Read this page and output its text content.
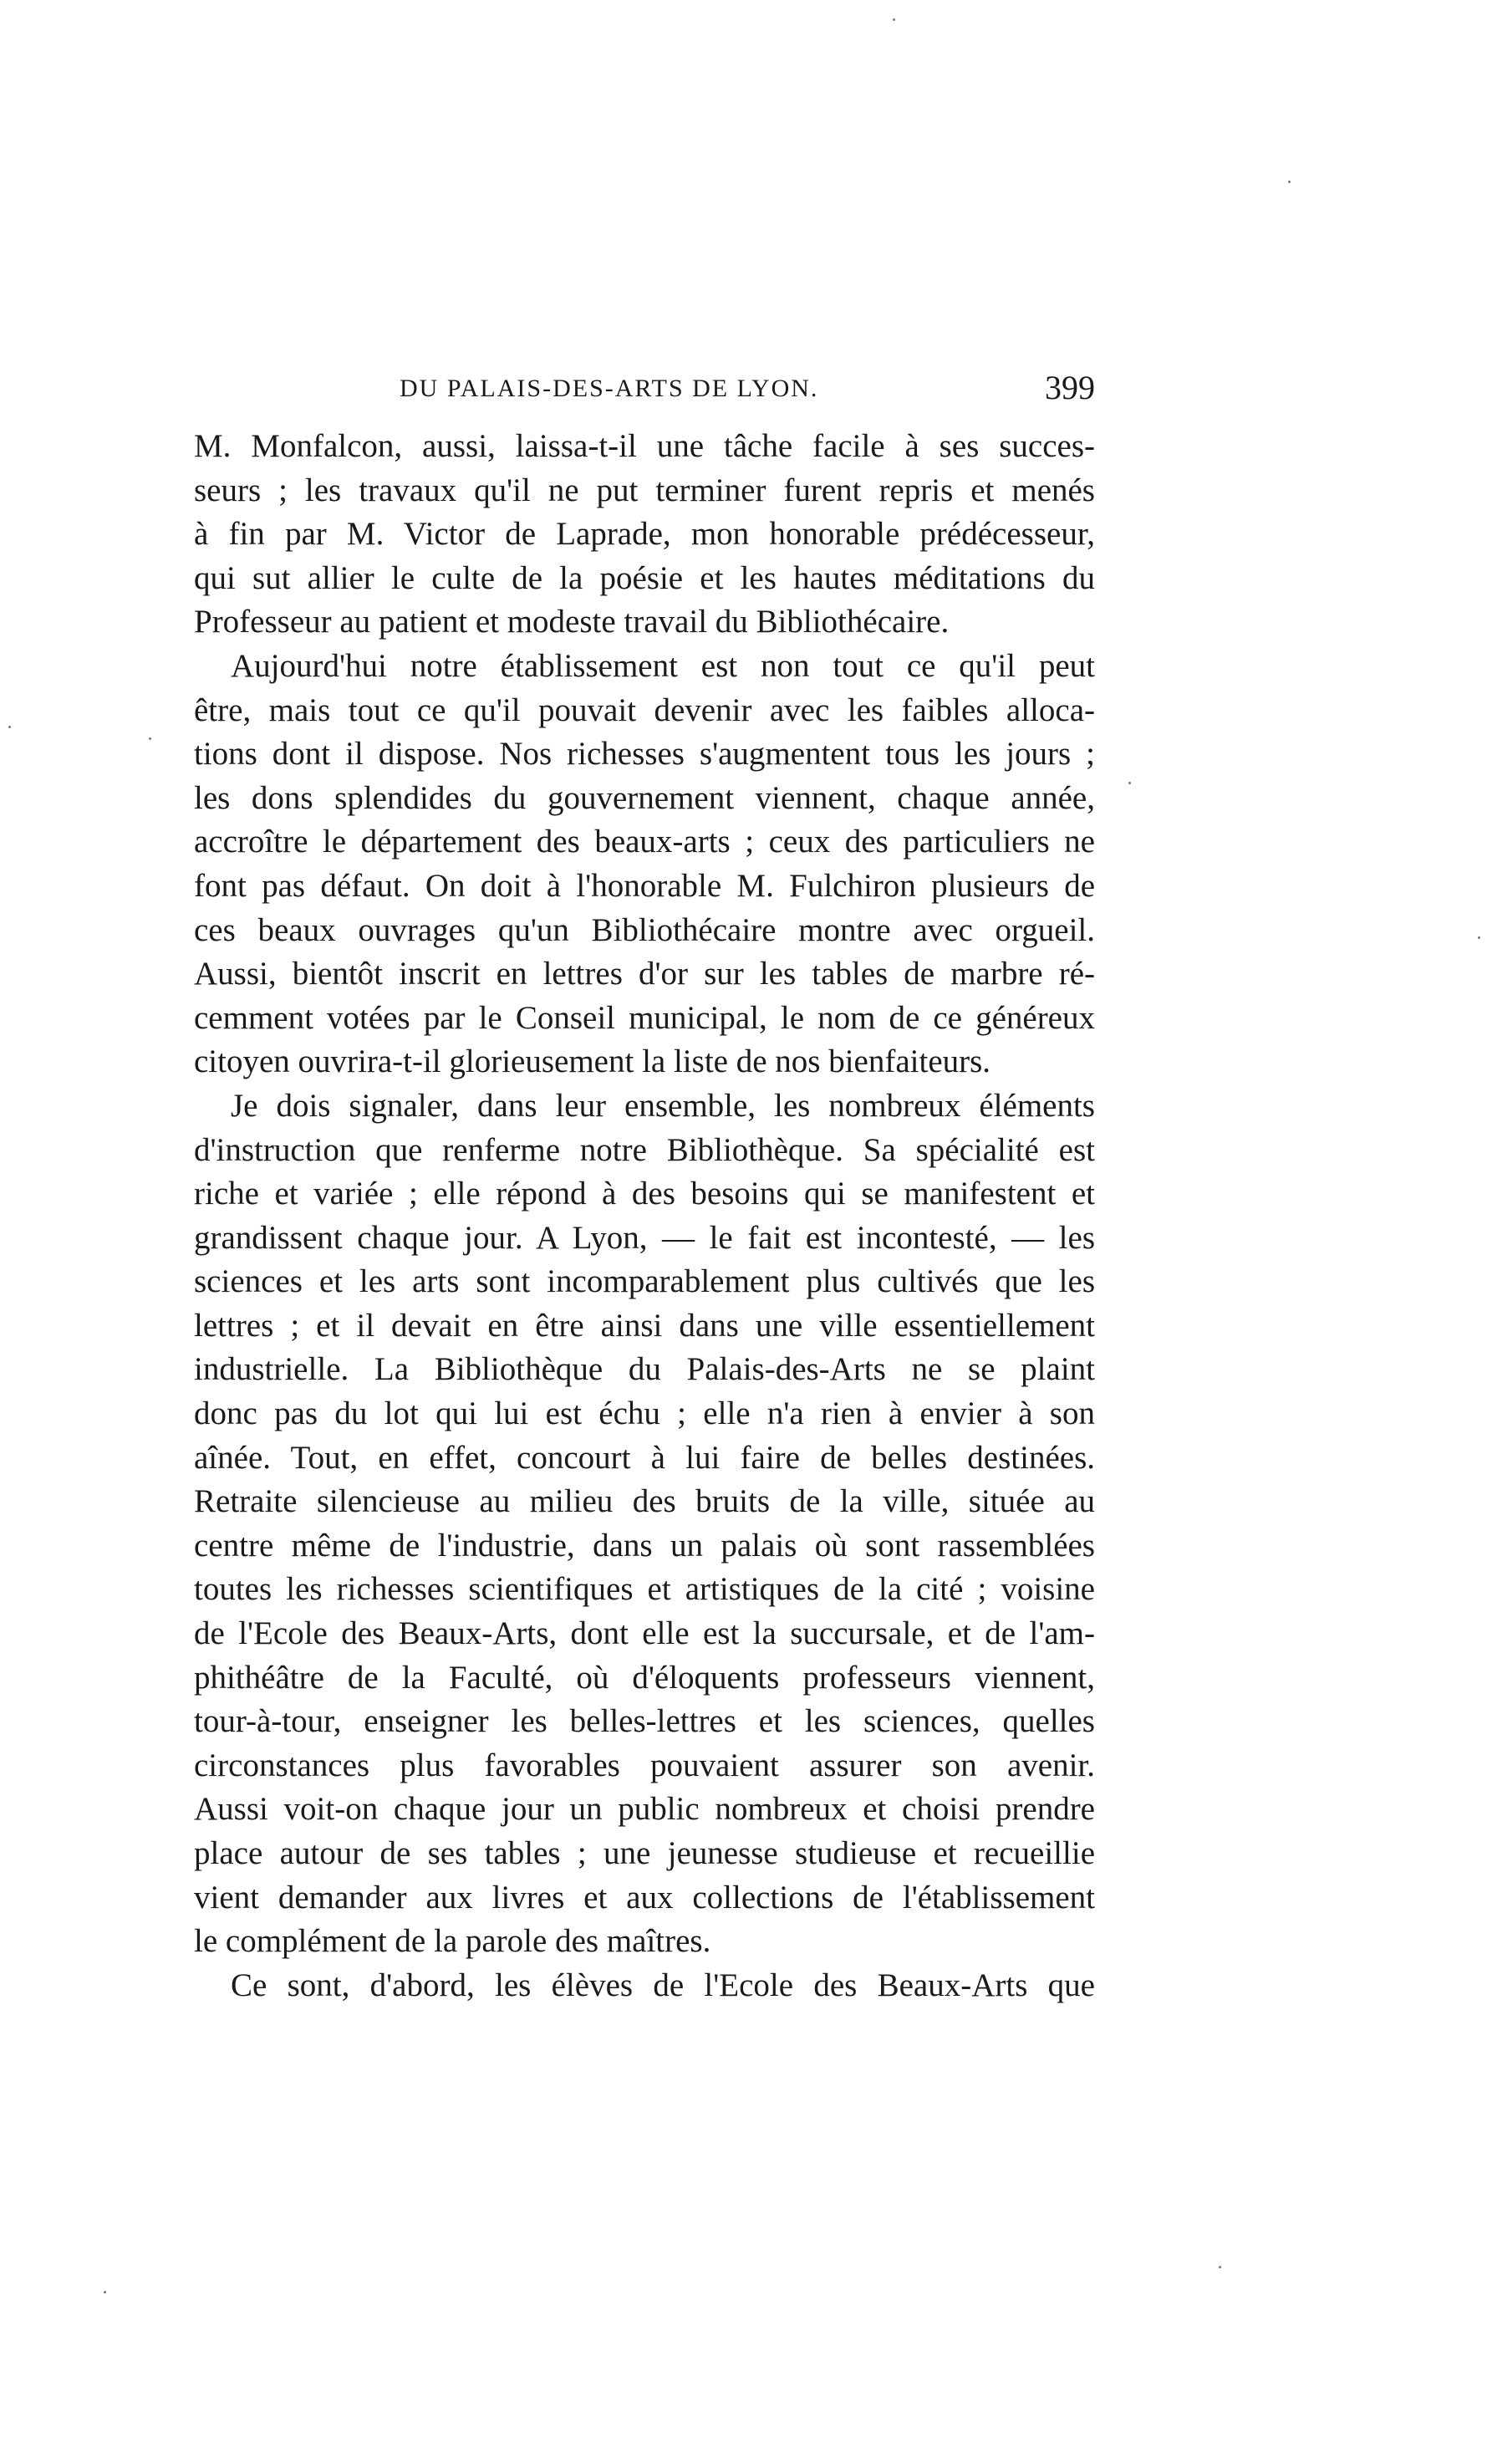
DU PALAIS-DES-ARTS DE LYON.	399
M. Monfalcon, aussi, laissa-t-il une tâche facile à ses succes-
seurs ; les travaux qu'il ne put terminer furent repris et menés
à fin par M. Victor de Laprade, mon honorable prédécesseur,
qui sut allier le culte de la poésie et les hautes méditations du
Professeur au patient et modeste travail du Bibliothécaire.
Aujourd'hui notre établissement est non tout ce qu'il peut
être, mais tout ce qu'il pouvait devenir avec les faibles alloca-
tions dont il dispose. Nos richesses s'augmentent tous les jours ;
les dons splendides du gouvernement viennent, chaque année,
accroître le département des beaux-arts ; ceux des particuliers ne
font pas défaut. On doit à l'honorable M. Fulchiron plusieurs de
ces beaux ouvrages qu'un Bibliothécaire montre avec orgueil.
Aussi, bientôt inscrit en lettres d'or sur les tables de marbre ré-
cemment votées par le Conseil municipal, le nom de ce généreux
citoyen ouvrira-t-il glorieusement la liste de nos bienfaiteurs.
Je dois signaler, dans leur ensemble, les nombreux éléments
d'instruction que renferme notre Bibliothèque. Sa spécialité est
riche et variée ; elle répond à des besoins qui se manifestent et
grandissent chaque jour. A Lyon, — le fait est incontesté, — les
sciences et les arts sont incomparablement plus cultivés que les
lettres ; et il devait en être ainsi dans une ville essentiellement
industrielle. La Bibliothèque du Palais-des-Arts ne se plaint
donc pas du lot qui lui est échu ; elle n'a rien à envier à son
aînée. Tout, en effet, concourt à lui faire de belles destinées.
Retraite silencieuse au milieu des bruits de la ville, située au
centre même de l'industrie, dans un palais où sont rassemblées
toutes les richesses scientifiques et artistiques de la cité ; voisine
de l'Ecole des Beaux-Arts, dont elle est la succursale, et de l'am-
phithéâtre de la Faculté, où d'éloquents professeurs viennent,
tour-à-tour, enseigner les belles-lettres et les sciences, quelles
circonstances plus favorables pouvaient assurer son avenir.
Aussi voit-on chaque jour un public nombreux et choisi prendre
place autour de ses tables ; une jeunesse studieuse et recueillie
vient demander aux livres et aux collections de l'établissement
le complément de la parole des maîtres.
Ce sont, d'abord, les élèves de l'Ecole des Beaux-Arts que
